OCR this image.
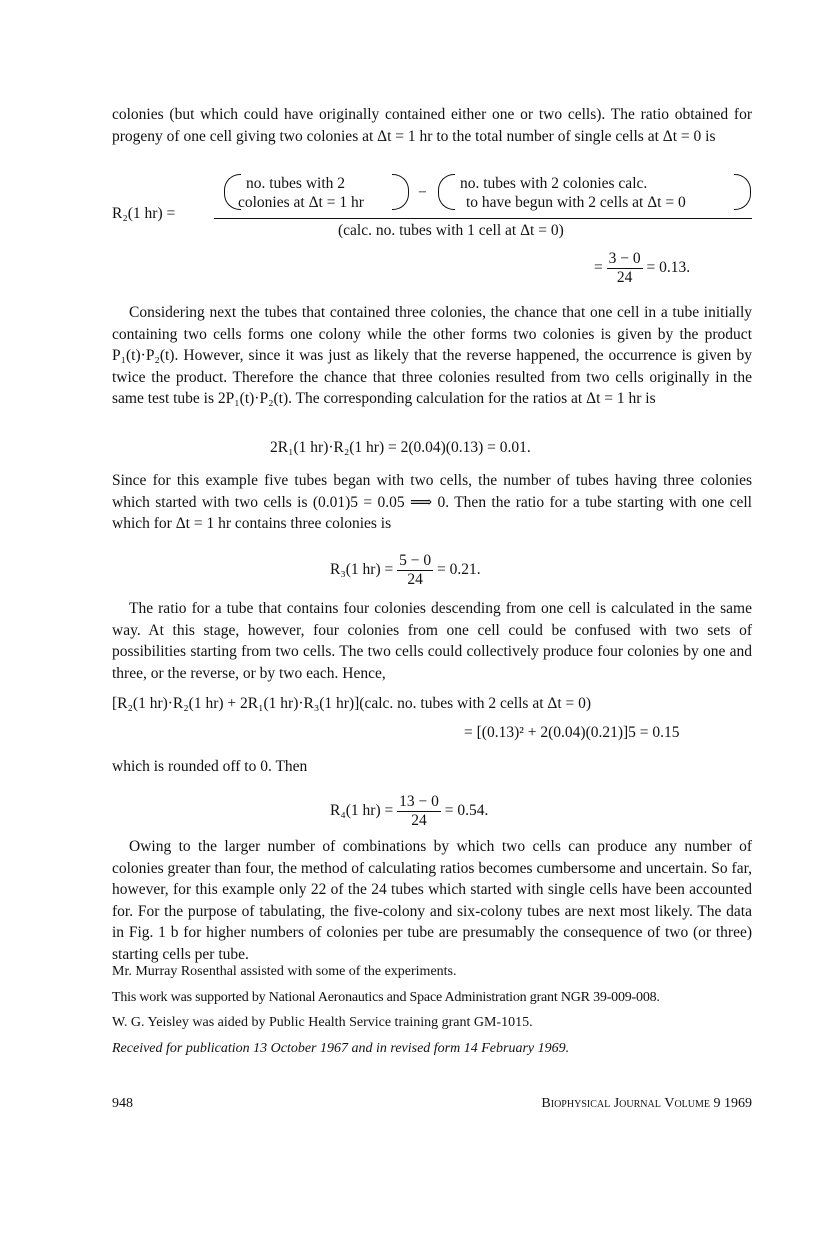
colonies (but which could have originally contained either one or two cells). The ratio obtained for progeny of one cell giving two colonies at Δt = 1 hr to the total number of single cells at Δt = 0 is

R₂(1 hr) =
no. tubes with 2
colonies at Δt = 1 hr
−
no. tubes with 2 colonies calc.
to have begun with 2 cells at Δt = 0
(calc. no. tubes with 1 cell at Δt = 0)
= $\frac{3 - 0}{24} = 0.13$.

Considering next the tubes that contained three colonies, the chance that one cell in a tube initially containing two cells forms one colony while the other forms two colonies is given by the product P₁(t)·P₂(t). However, since it was just as likely that the reverse happened, the occurrence is given by twice the product. Therefore the chance that three colonies resulted from two cells originally in the same test tube is 2P₁(t)·P₂(t). The corresponding calculation for the ratios at Δt = 1 hr is

2R₁(1 hr)·R₂(1 hr) = 2(0.04)(0.13) = 0.01.

Since for this example five tubes began with two cells, the number of tubes having three colonies which started with two cells is (0.01)5 = 0.05 ⟹ 0. Then the ratio for a tube starting with one cell which for Δt = 1 hr contains three colonies is

R₃(1 $hr) = \frac{5 - 0}{24} = 0.21$.

The ratio for a tube that contains four colonies descending from one cell is calculated in the same way. At this stage, however, four colonies from one cell could be confused with two sets of possibilities starting from two cells. The two cells could collectively produce four colonies by one and three, or the reverse, or by two each. Hence,

[R₂(1 hr)·R₂(1 hr) + 2R₁(1 hr)·R₃(1 hr)](calc. no. tubes with 2 cells at Δt = 0)
= [(0.13)² + 2(0.04)(0.21)]5 = 0.15

which is rounded off to 0. Then

R₄(1 $hr) = \frac{13 - 0}{24} = 0.54$.

Owing to the larger number of combinations by which two cells can produce any number of colonies greater than four, the method of calculating ratios becomes cumbersome and uncertain. So far, however, for this example only 22 of the 24 tubes which started with single cells have been accounted for. For the purpose of tabulating, the five-colony and six-colony tubes are next most likely. The data in Fig. 1 b for higher numbers of colonies per tube are presumably the consequence of two (or three) starting cells per tube.

Mr. Murray Rosenthal assisted with some of the experiments.

This work was supported by National Aeronautics and Space Administration grant NGR 39-009-008.

W. G. Yeisley was aided by Public Health Service training grant GM-1015.

Received for publication 13 October 1967 and in revised form 14 February 1969.

948	Biophysical Journal Volume 9 1969
